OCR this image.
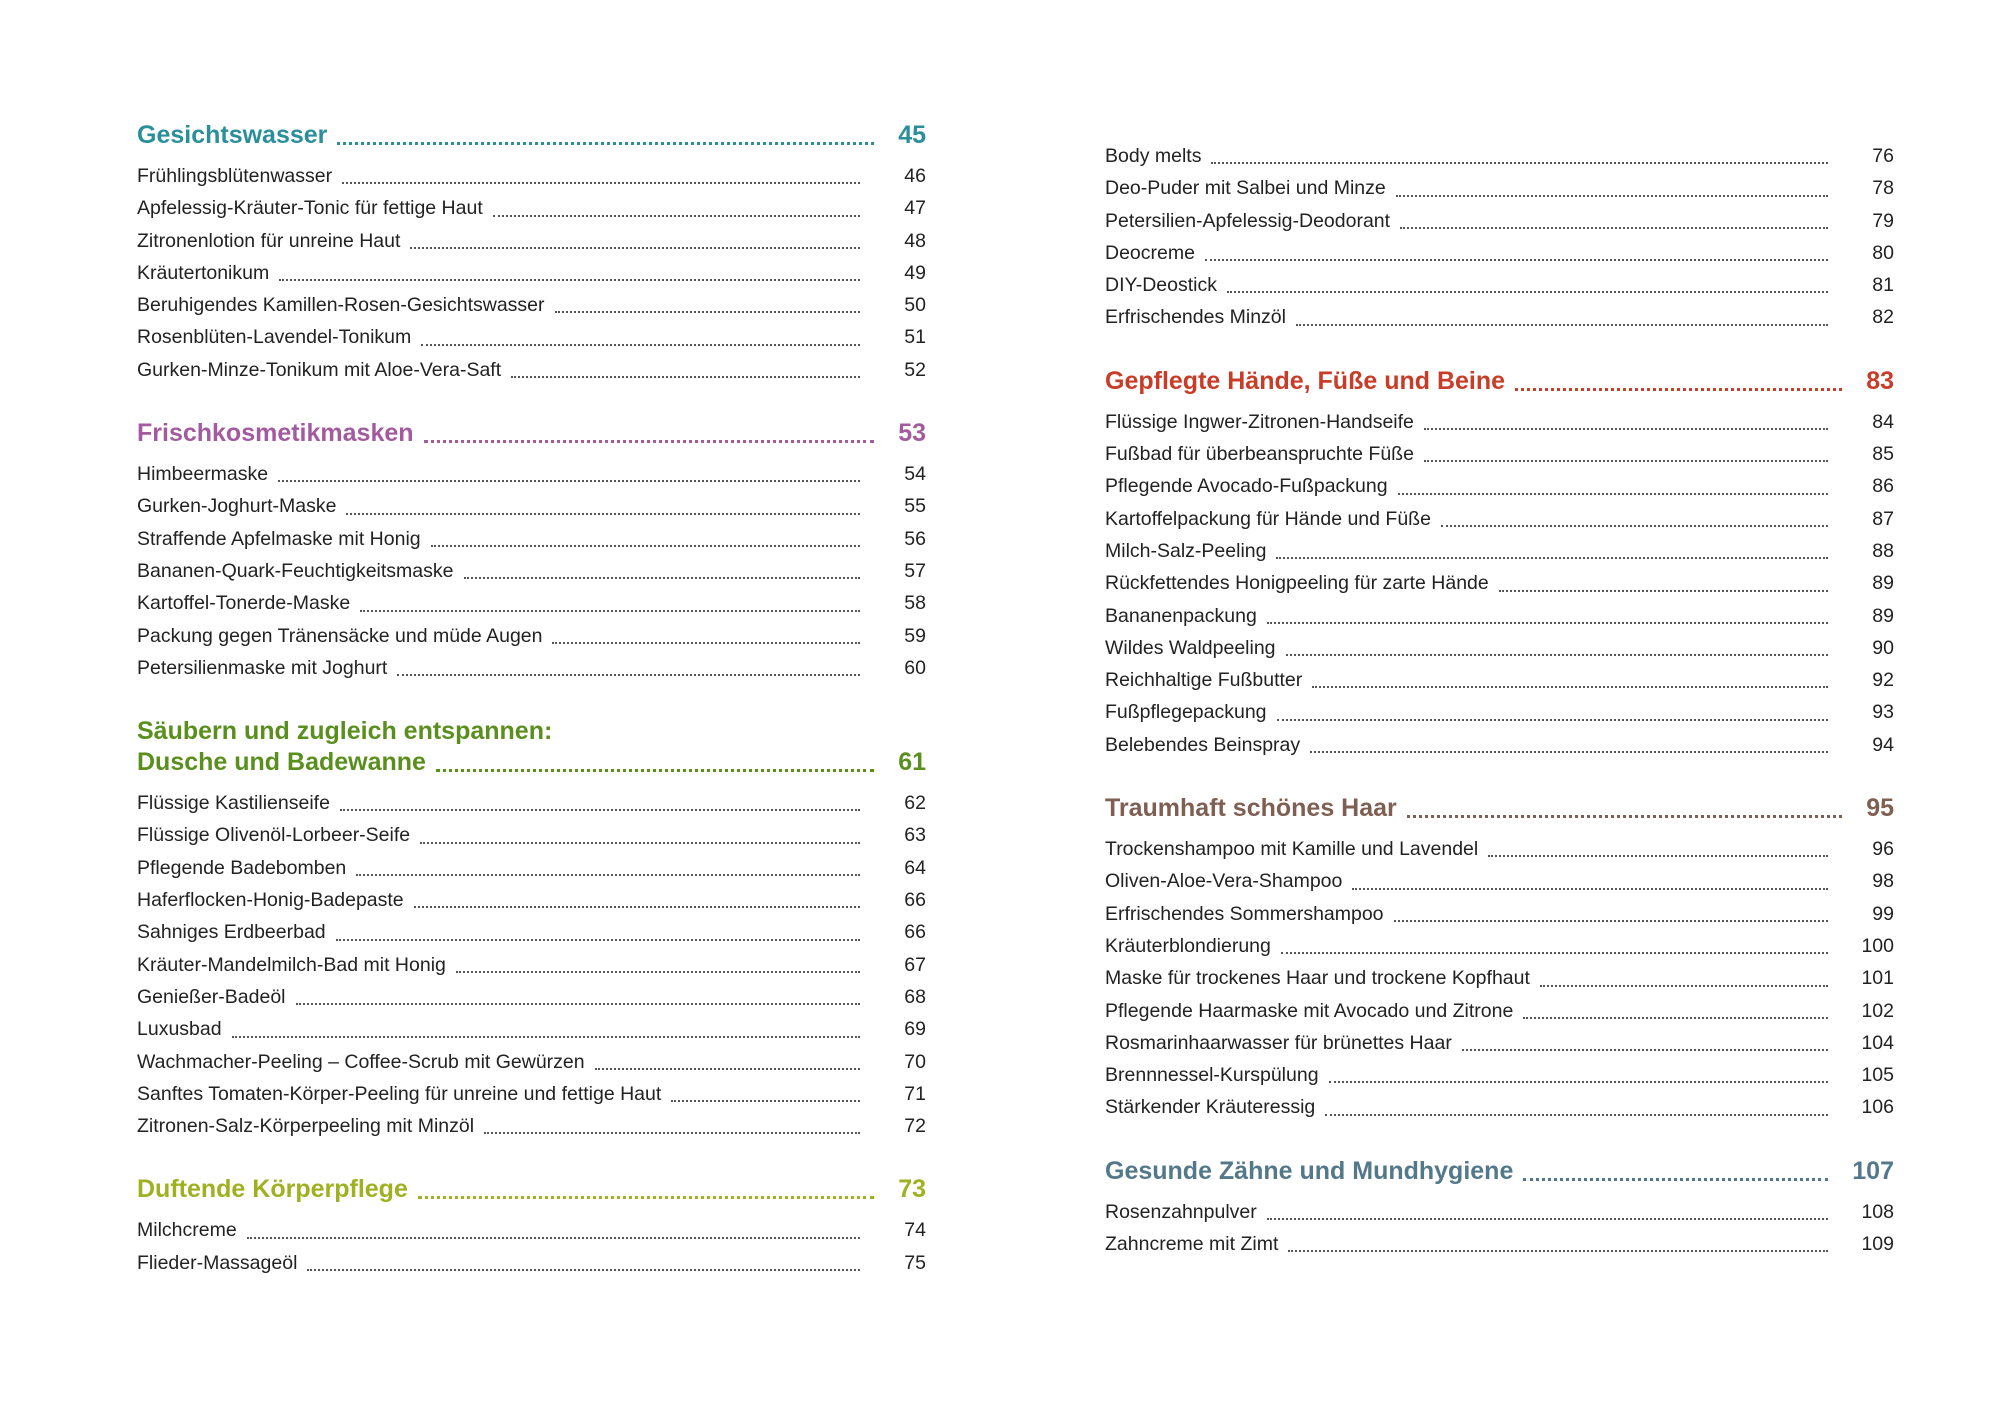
Gesichtswasser	45
Frühlingsblütenwasser	46
Apfelessig-Kräuter-Tonic für fettige Haut	47
Zitronenlotion für unreine Haut	48
Kräutertonikum	49
Beruhigendes Kamillen-Rosen-Gesichtswasser	50
Rosenblüten-Lavendel-Tonikum	51
Gurken-Minze-Tonikum mit Aloe-Vera-Saft	52
Frischkosmetikmasken	53
Himbeermaske	54
Gurken-Joghurt-Maske	55
Straffende Apfelmaske mit Honig	56
Bananen-Quark-Feuchtigkeitsmaske	57
Kartoffel-Tonerde-Maske	58
Packung gegen Tränensäcke und müde Augen	59
Petersilienmaske mit Joghurt	60
Säubern und zugleich entspannen:
Dusche und Badewanne	61
Flüssige Kastilienseife	62
Flüssige Olivenöl-Lorbeer-Seife	63
Pflegende Badebomben	64
Haferflocken-Honig-Badepaste	66
Sahniges Erdbeerbad	66
Kräuter-Mandelmilch-Bad mit Honig	67
Genießer-Badeöl	68
Luxusbad	69
Wachmacher-Peeling – Coffee-Scrub mit Gewürzen	70
Sanftes Tomaten-Körper-Peeling für unreine und fettige Haut	71
Zitronen-Salz-Körperpeeling mit Minzöl	72
Duftende Körperpflege	73
Milchcreme	74
Flieder-Massageöl	75
Body melts	76
Deo-Puder mit Salbei und Minze	78
Petersilien-Apfelessig-Deodorant	79
Deocreme	80
DIY-Deostick	81
Erfrischendes Minzöl	82
Gepflegte Hände, Füße und Beine	83
Flüssige Ingwer-Zitronen-Handseife	84
Fußbad für überbeanspruchte Füße	85
Pflegende Avocado-Fußpackung	86
Kartoffelpackung für Hände und Füße	87
Milch-Salz-Peeling	88
Rückfettendes Honigpeeling für zarte Hände	89
Bananenpackung	89
Wildes Waldpeeling	90
Reichhaltige Fußbutter	92
Fußpflegepackung	93
Belebendes Beinspray	94
Traumhaft schönes Haar	95
Trockenshampoo mit Kamille und Lavendel	96
Oliven-Aloe-Vera-Shampoo	98
Erfrischendes Sommershampoo	99
Kräuterblondierung	100
Maske für trockenes Haar und trockene Kopfhaut	101
Pflegende Haarmaske mit Avocado und Zitrone	102
Rosmarinhaarwasser für brünettes Haar	104
Brennnessel-Kurspülung	105
Stärkender Kräuteressig	106
Gesunde Zähne und Mundhygiene	107
Rosenzahnpulver	108
Zahncreme mit Zimt	109
